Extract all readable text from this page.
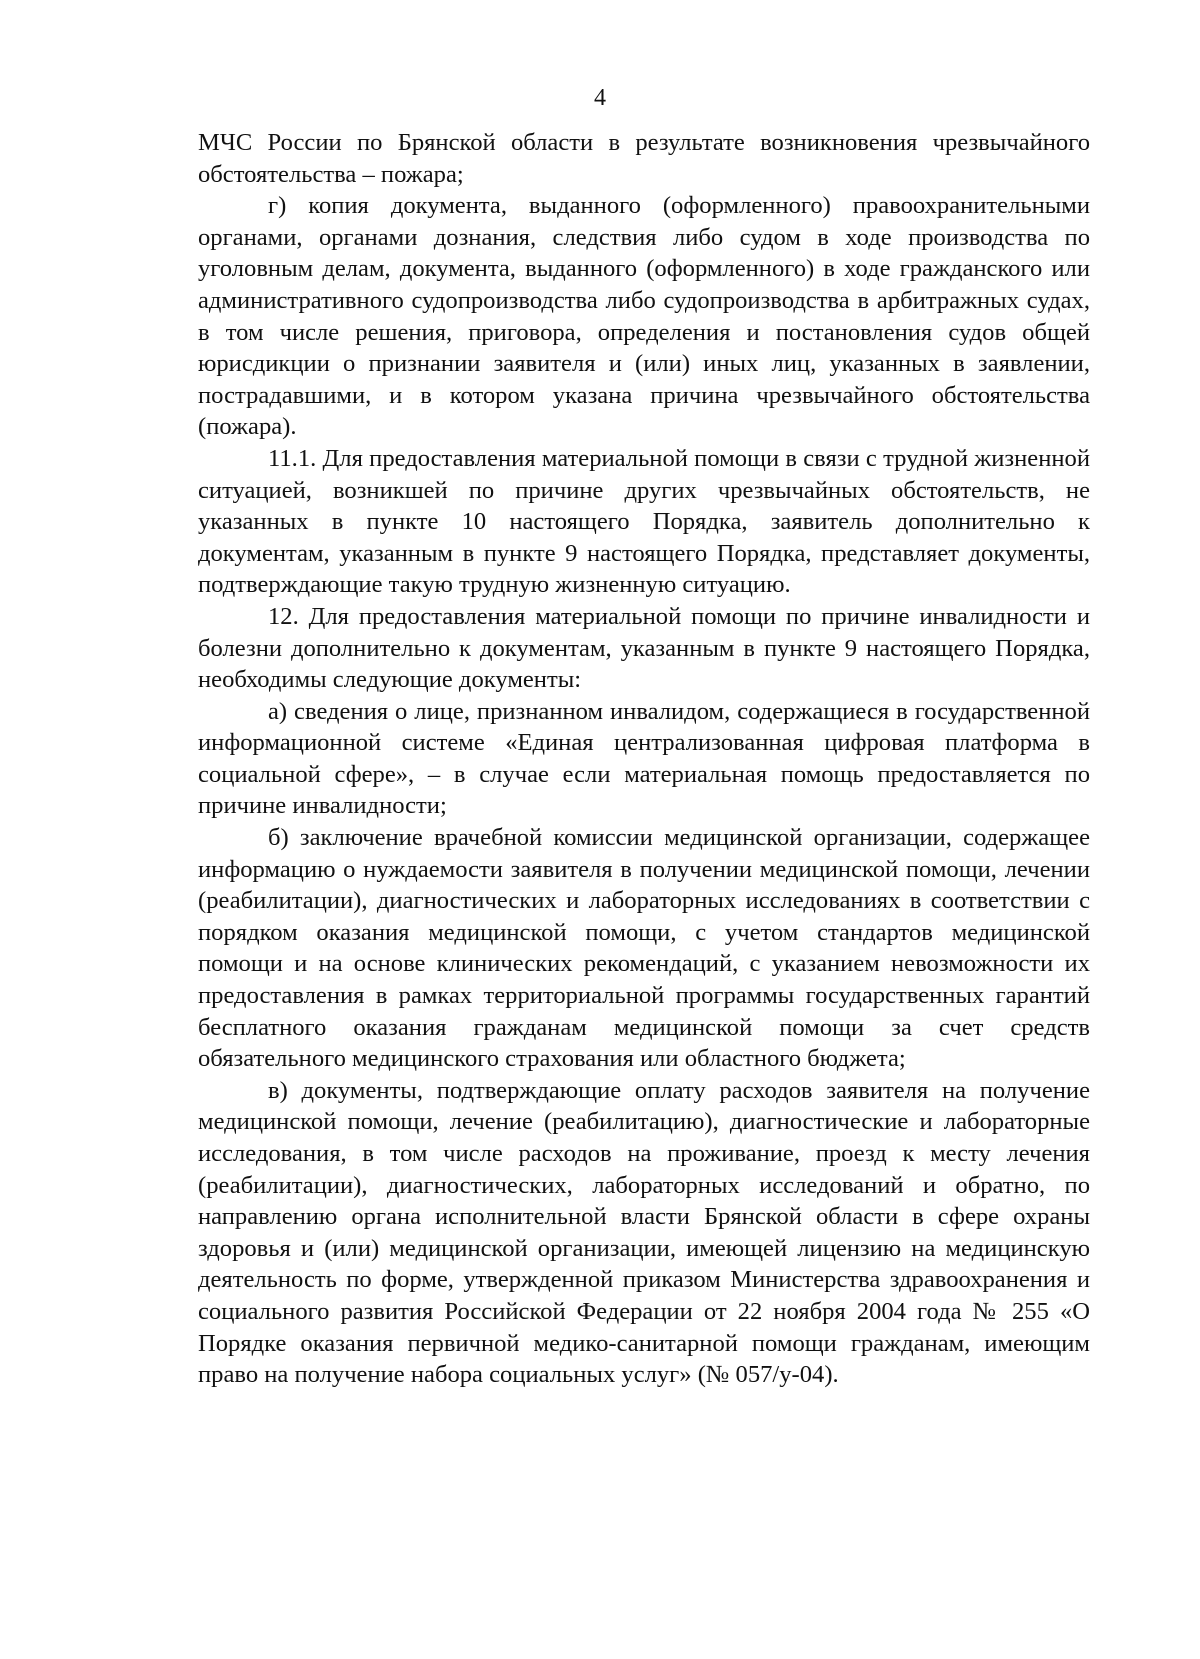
4

МЧС России по Брянской области в результате возникновения чрезвычайного обстоятельства – пожара;

г) копия документа, выданного (оформленного) правоохранительными органами, органами дознания, следствия либо судом в ходе производства по уголовным делам, документа, выданного (оформленного) в ходе гражданского или административного судопроизводства либо судопроизводства в арбитражных судах, в том числе решения, приговора, определения и постановления судов общей юрисдикции о признании заявителя и (или) иных лиц, указанных в заявлении, пострадавшими, и в котором указана причина чрезвычайного обстоятельства (пожара).

11.1. Для предоставления материальной помощи в связи с трудной жизненной ситуацией, возникшей по причине других чрезвычайных обстоятельств, не указанных в пункте 10 настоящего Порядка, заявитель дополнительно к документам, указанным в пункте 9 настоящего Порядка, представляет документы, подтверждающие такую трудную жизненную ситуацию.

12. Для предоставления материальной помощи по причине инвалидности и болезни дополнительно к документам, указанным в пункте 9 настоящего Порядка, необходимы следующие документы:

а) сведения о лице, признанном инвалидом, содержащиеся в государственной информационной системе «Единая централизованная цифровая платформа в социальной сфере», – в случае если материальная помощь предоставляется по причине инвалидности;

б) заключение врачебной комиссии медицинской организации, содержащее информацию о нуждаемости заявителя в получении медицинской помощи, лечении (реабилитации), диагностических и лабораторных исследованиях в соответствии с порядком оказания медицинской помощи, с учетом стандартов медицинской помощи и на основе клинических рекомендаций, с указанием невозможности их предоставления в рамках территориальной программы государственных гарантий бесплатного оказания гражданам медицинской помощи за счет средств обязательного медицинского страхования или областного бюджета;

в) документы, подтверждающие оплату расходов заявителя на получение медицинской помощи, лечение (реабилитацию), диагностические и лабораторные исследования, в том числе расходов на проживание, проезд к месту лечения (реабилитации), диагностических, лабораторных исследований и обратно, по направлению органа исполнительной власти Брянской области в сфере охраны здоровья и (или) медицинской организации, имеющей лицензию на медицинскую деятельность по форме, утвержденной приказом Министерства здравоохранения и социального развития Российской Федерации от 22 ноября 2004 года № 255 «О Порядке оказания первичной медико-санитарной помощи гражданам, имеющим право на получение набора социальных услуг» (№ 057/у-04).
